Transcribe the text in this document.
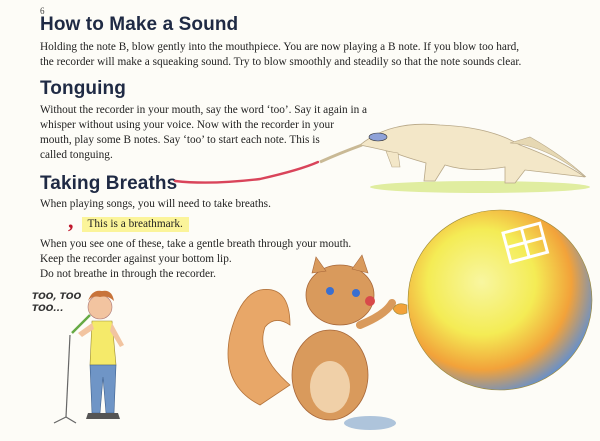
6
How to Make a Sound

Holding the note B, blow gently into the mouthpiece. You are now playing a B note. If you blow too hard,
the recorder will make a squeaking sound. Try to blow smoothly and steadily so that the note sounds clear.

Tonguing

Without the recorder in your mouth, say the word ‘too’. Say it again in a
whisper without using your voice. Now with the recorder in your
mouth, play some B notes. Say ‘too’ to start each note. This is
called tonguing.

Taking Breaths

When playing songs, you will need to take breaths.

,	This is a breathmark.

When you see one of these, take a gentle breath through your mouth.
Keep the recorder against your bottom lip.
Do not breathe in through the recorder.

TOO, TOO
TOO...
